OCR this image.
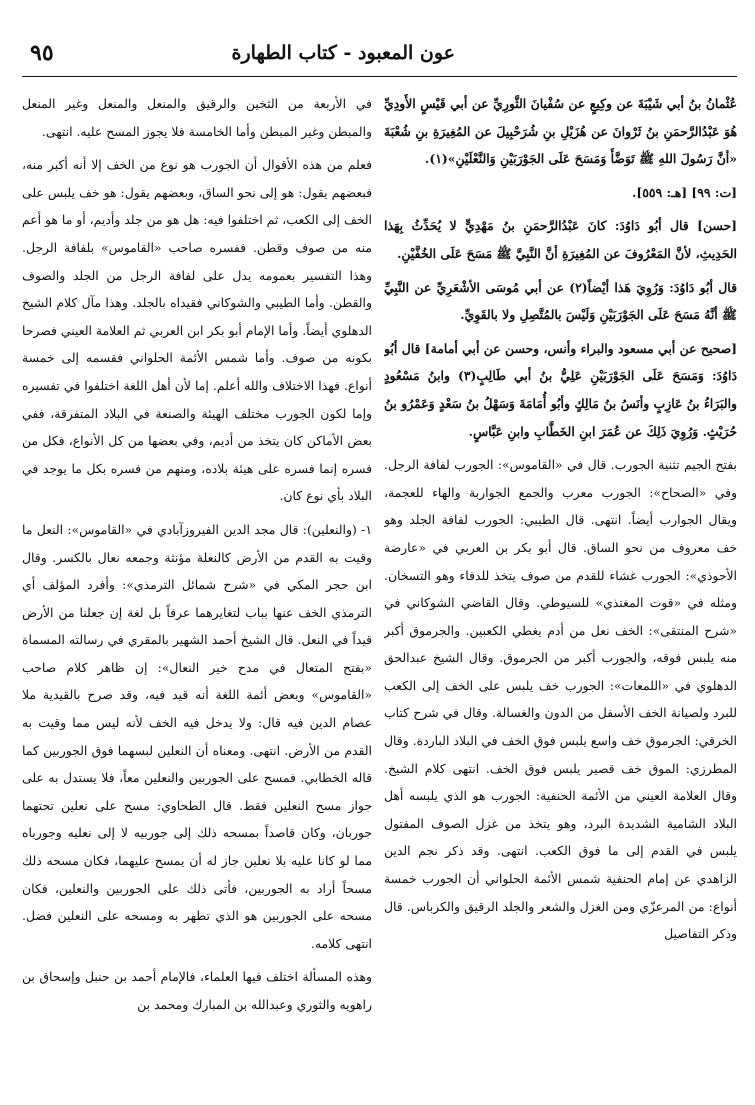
٩٥	عون المعبود - كتاب الطهارة

عُثْمانُ بنُ أبي شَيْبَةَ عن وكِيعٍ عن سُفْيانَ الثَّورِيِّ عن أبي قَيْسٍ الأَودِيِّ هُوَ عَبْدُالرَّحمَنِ بنُ ثَرْوانَ عن هُزَيْلِ بنِ شُرَحْبِيلَ عن المُغِيرَةِ بنِ شُعْبَةَ «أنَّ رَسُولَ اللهِ ﷺ تَوَضَّأَ وَمَسَحَ عَلَى الجَوْرَبَيْنِ وَالنَّعْلَيْنِ»(١).

[ت: ٩٩] [هـ: ٥٥٩].

[حسن] قال أبُو دَاوُدَ: كانَ عَبْدُالرَّحمَنِ بنُ مَهْدِيٍّ لا يُحَدِّثُ بِهَذا الحَدِيثِ، لأنَّ المَعْرُوفَ عن المُغِيرَةِ أنَّ النَّبِيَّ ﷺ مَسَحَ عَلَى الخُفَّيْنِ.

قال أبُو دَاوُدَ: وَرُوِيَ هَذا أيْضاً(٢) عن أبي مُوسَى الأشْعَرِيِّ عن النَّبِيِّ ﷺ أنَّهُ مَسَحَ عَلَى الجَوْرَبَيْنِ وَلَيْسَ بالمُتَّصِلِ ولا بالقَوِيِّ.

[صحيح عن أبي مسعود والبراء وأنس، وحسن عن أبي أمامة] قال أبُو دَاوُدَ: وَمَسَحَ عَلَى الجَوْرَبَيْنِ عَلِيُّ بنُ أبي طَالِبٍ(٣) وابنُ مَسْعُودٍ والبَرَاءُ بنُ عَازِبٍ وأنَسُ بنُ مَالِكٍ وأبُو أُمَامَةَ وَسَهْلُ بنُ سَعْدٍ وَعَمْرُو بنُ حُرَيْثٍ. وَرُوِيَ ذَلِكَ عن عُمَرَ ابنِ الخَطَّابِ وابنِ عَبَّاسٍ.

بفتح الجيم تثنية الجورب. قال في «القاموس»: الجورب لفافة الرجل. وفي «الصحاح»: الجورب معرب والجمع الجواربة والهاء للعجمة، ويقال الجوارب أيضاً. انتهى. قال الطيبي: الجورب لفافة الجلد وهو خف معروف من نحو الساق. قال أبو بكر بن العربي في «عارضة الأحوذي»: الجورب غشاء للقدم من صوف يتخذ للدفاء وهو التسخان. ومثله في «قوت المغتذي» للسيوطي. وقال القاضي الشوكاني في «شرح المنتقى»: الخف نعل من أدم يغطي الكعبين. والجرموق أكبر منه يلبس فوقه، والجورب أكبر من الجرموق. وقال الشيخ عبدالحق الدهلوي في «اللمعات»: الجورب خف يلبس على الخف إلى الكعب للبرد ولصيانة الخف الأسفل من الدون والغسالة. وقال في شرح كتاب الخرقي: الجرموق خف واسع يلبس فوق الخف في البلاد الباردة. وقال المطرزي: الموق خف قصير يلبس فوق الخف. انتهى كلام الشيخ. وقال العلامة العيني من الأئمة الحنفية: الجورب هو الذي يلبسه أهل البلاد الشامية الشديدة البرد، وهو يتخذ من غزل الصوف المفتول يلبس في القدم إلى ما فوق الكعب. انتهى. وقد ذكر نجم الدين الزاهدي عن إمام الحنفية شمس الأئمة الحلواني أن الجورب خمسة أنواع: من المرعزّي ومن الغزل والشعر والجلد الرقيق والكرباس. قال وذكر التفاصيل

في الأربعة من الثخين والرقيق والمنعل والمنعل وغير المنعل والمبطن وغير المبطن وأما الخامسة فلا يجوز المسح عليه. انتهى.

فعلم من هذه الأقوال أن الجورب هو نوع من الخف إلا أنه أكبر منه، فبعضهم يقول: هو إلى نحو الساق، وبعضهم يقول: هو خف يلبس على الخف إلى الكعب، ثم اختلفوا فيه: هل هو من جلد وأديم، أو ما هو أعم منه من صوف وقطن. ففسره صاحب «القاموس» بلفافة الرجل. وهذا التفسير بعمومه يدل على لفافة الرجل من الجلد والصوف والقطن. وأما الطيبي والشوكاني فقيداه بالجلد. وهذا مآل كلام الشيخ الدهلوي أيضاً. وأما الإمام أبو بكر ابن العربي ثم العلامة العيني فصرحا بكونه من صوف. وأما شمس الأئمة الحلواني فقسمه إلى خمسة أنواع. فهذا الاختلاف والله أعلم. إما لأن أهل اللغة اختلفوا في تفسيره وإما لكون الجورب مختلف الهيئة والصنعة في البلاد المتفرقة، ففي بعض الأماكن كان يتخذ من أديم، وفي بعضها من كل الأنواع، فكل من فسره إنما فسره على هيئة بلاده، ومنهم من فسره بكل ما يوجد في البلاد بأي نوع كان.

١- (والنعلين): قال مجد الدين الفيروزآبادي في «القاموس»: النعل ما وقيت به القدم من الأرض كالنعلة مؤنثة وجمعه نعال بالكسر. وقال ابن حجر المكي في «شرح شمائل الترمذي»: وأفرد المؤلف أي الترمذي الخف عنها بباب لتغايرهما عرفاً بل لغة إن جعلنا من الأرض قيداً في النعل. قال الشيخ أحمد الشهير بالمقري في رسالته المسماة «بفتح المتعال في مدح خير النعال»: إن ظاهر كلام صاحب «القاموس» وبعض أئمة اللغة أنه قيد فيه، وقد صرح بالقيدية ملا عصام الدين فيه قال: ولا يدخل فيه الخف لأنه ليس مما وقيت به القدم من الأرض. انتهى. ومعناه أن النعلين لبسهما فوق الجوربين كما قاله الخطابي. فمسح على الجوربين والنعلين معاً، فلا يستدل به على جواز مسح النعلين فقط. قال الطحاوي: مسح على نعلين تحتهما جوربان، وكان قاصداً بمسحه ذلك إلى جوربيه لا إلى نعليه وجورباه مما لو كانا عليه بلا نعلين جاز له أن يمسح عليهما، فكان مسحه ذلك مسحاً أراد به الجوربين، فأتى ذلك على الجوربين والنعلين، فكان مسحه على الجوربين هو الذي تطهر به ومسحه على النعلين فضل. انتهى كلامه.

وهذه المسألة اختلف فيها العلماء، فالإمام أحمد بن حنبل وإسحاق بن راهويه والثوري وعبدالله بن المبارك ومحمد بن
